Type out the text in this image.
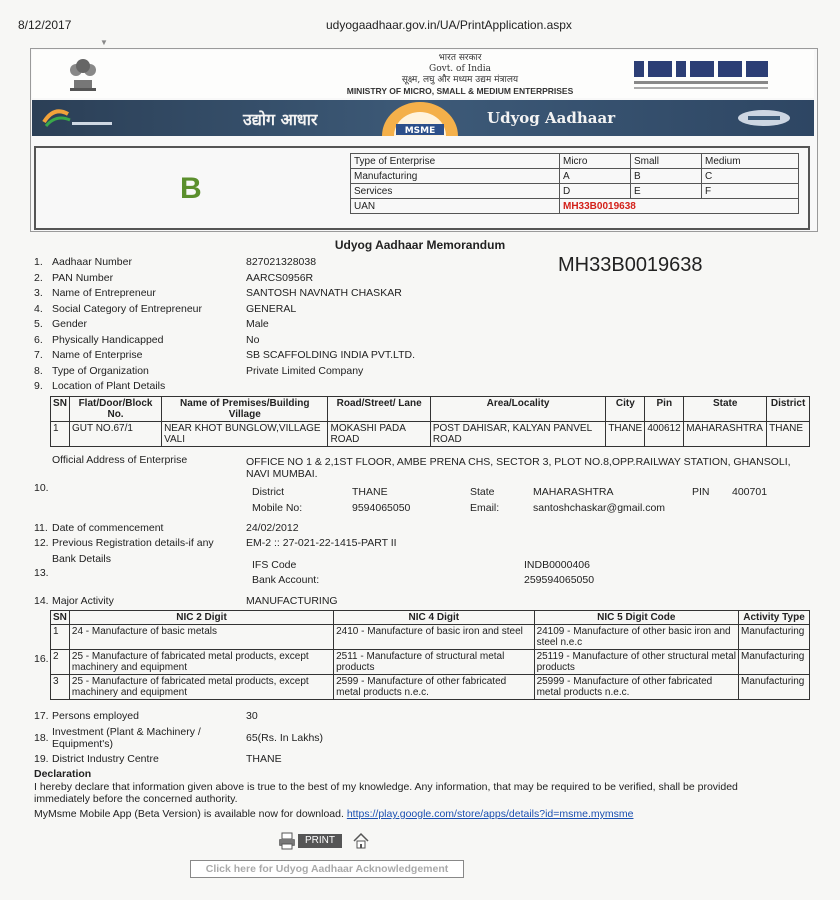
8/12/2017	udyogaadhaar.gov.in/UA/PrintApplication.aspx
▼
भारत सरकार
Govt. of India
सूक्ष्म, लघु और मध्यम उद्यम मंत्रालय
MINISTRY OF MICRO, SMALL & MEDIUM ENTERPRISES
उद्योग आधार
MSME
Udyog Aadhaar
B
Type of Enterprise	Micro	Small	Medium
Manufacturing	A	B	C
Services	D	E	F
UAN	MH33B0019638		
Udyog Aadhaar Memorandum
MH33B0019638
1. Aadhaar Number	827021328038
2. PAN Number	AARCS0956R
3. Name of Entrepreneur	SANTOSH NAVNATH CHASKAR
4. Social Category of Entrepreneur	GENERAL
5. Gender	Male
6. Physically Handicapped	No
7. Name of Enterprise	SB SCAFFOLDING INDIA PVT.LTD.
8. Type of Organization	Private Limited Company
9. Location of Plant Details
SN	Flat/Door/Block No.	Name of Premises/Building Village	Road/Street/ Lane	Area/Locality	City	Pin	State	District
1	GUT NO.67/1	NEAR KHOT BUNGLOW,VILLAGE VALI	MOKASHI PADA ROAD	POST DAHISAR, KALYAN PANVEL ROAD	THANE	400612	MAHARASHTRA	THANE
Official Address of Enterprise	OFFICE NO 1 & 2,1ST FLOOR, AMBE PRENA CHS, SECTOR 3, PLOT NO.8,OPP.RAILWAY STATION, GHANSOLI, NAVI MUMBAI.
10.	District	THANE	State	MAHARASHTRA	PIN 400701
Mobile No:	9594065050	Email:	santoshchaskar@gmail.com
11. Date of commencement	24/02/2012
12. Previous Registration details-if any	EM-2 :: 27-021-22-1415-PART II
Bank Details
13.
IFS Code	INDB0000406
Bank Account:	259594065050
14. Major Activity	MANUFACTURING
16.
SN	NIC 2 Digit	NIC 4 Digit	NIC 5 Digit Code	Activity Type
1	24 - Manufacture of basic metals	2410 - Manufacture of basic iron and steel	24109 - Manufacture of other basic iron and steel n.e.c	Manufacturing
2	25 - Manufacture of fabricated metal products, except machinery and equipment	2511 - Manufacture of structural metal products	25119 - Manufacture of other structural metal products	Manufacturing
3	25 - Manufacture of fabricated metal products, except machinery and equipment	2599 - Manufacture of other fabricated metal products n.e.c.	25999 - Manufacture of other fabricated metal products n.e.c.	Manufacturing
17. Persons employed	30
18. Investment (Plant & Machinery / Equipment's)	65(Rs. In Lakhs)
19. District Industry Centre	THANE
Declaration
I hereby declare that information given above is true to the best of my knowledge. Any information, that may be required to be verified, shall be provided immediately before the concerned authority.
MyMsme Mobile App (Beta Version) is available now for download. https://play.google.com/store/apps/details?id=msme.mymsme
PRINT
Click here for Udyog Aadhaar Acknowledgement
